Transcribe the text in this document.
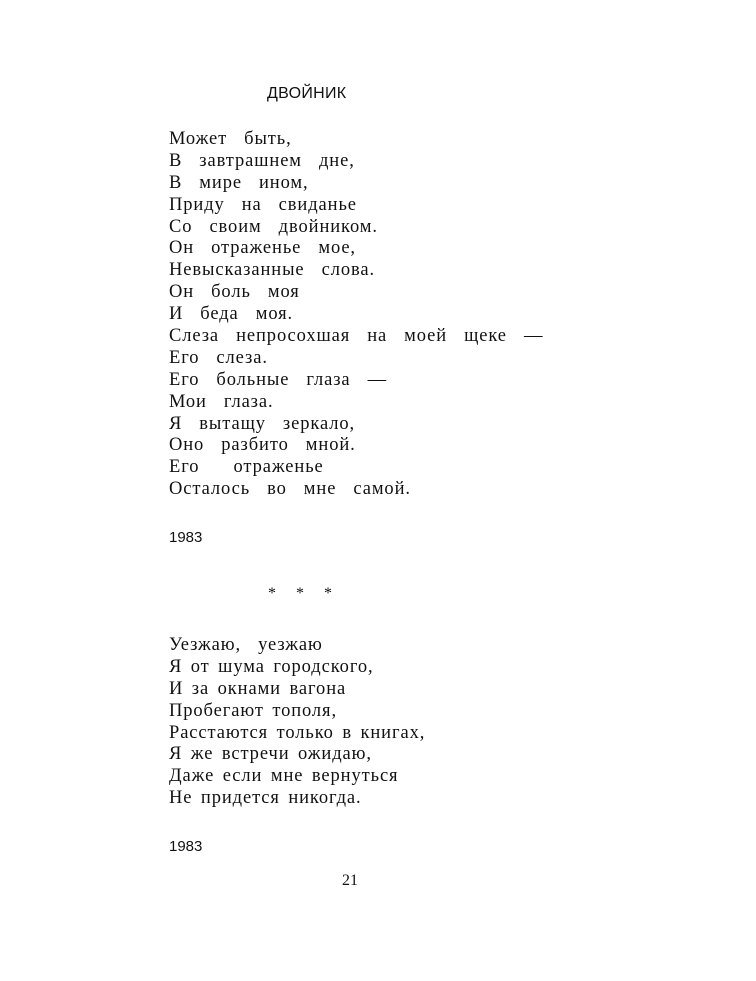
ДВОЙНИК
Может  быть,
В  завтрашнем  дне,
В  мире  ином,
Приду  на  свиданье
Со  своим  двойником.
Он  отраженье  мое,
Невысказанные  слова.
Он  боль  моя
И  беда  моя.
Слеза  непросохшая  на  моей  щеке  —
Его  слеза.
Его  больные  глаза  —
Мои  глаза.
Я  вытащу  зеркало,
Оно  разбито  мной.
Его    отраженье
Осталось  во  мне  самой.
1983
* * *
Уезжаю,  уезжаю
Я от шума городского,
И за окнами вагона
Пробегают тополя,
Расстаются только в книгах,
Я же встречи ожидаю,
Даже если мне вернуться
Не придется никогда.
1983
21
